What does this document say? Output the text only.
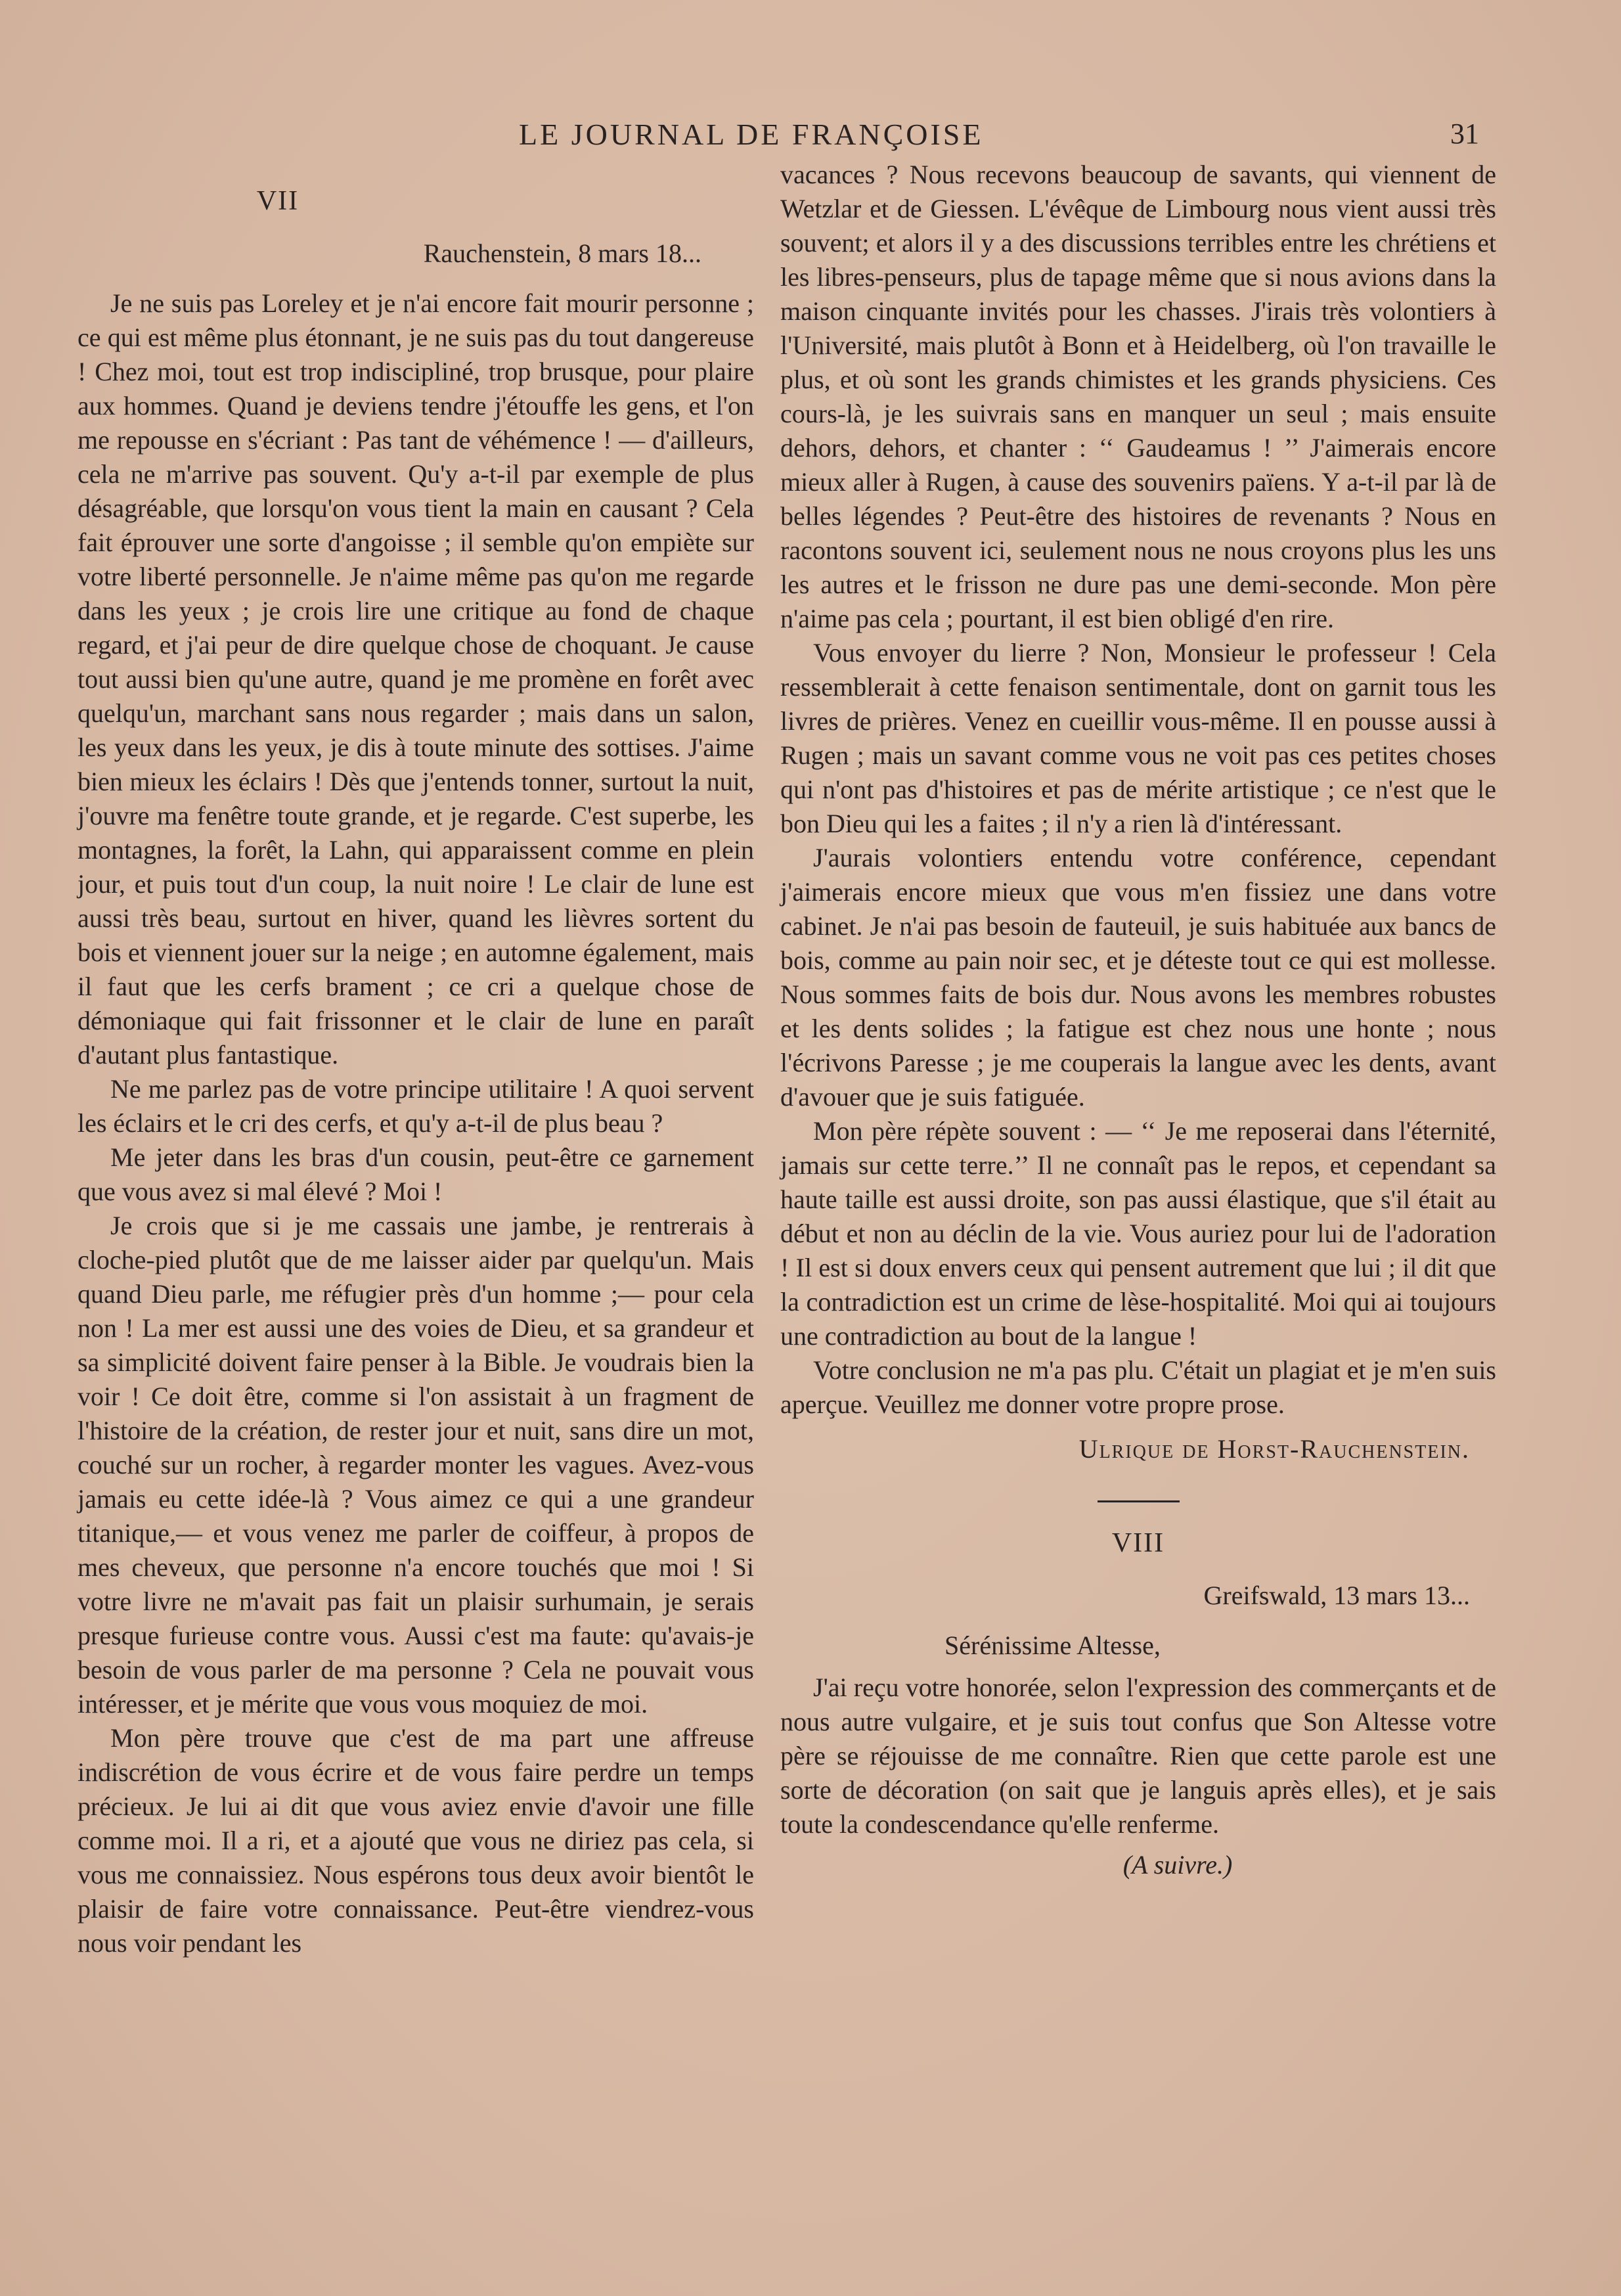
LE JOURNAL DE FRANÇOISE	31
VII
Rauchenstein, 8 mars 18...

Je ne suis pas Loreley et je n'ai encore fait mourir personne ; ce qui est même plus étonnant, je ne suis pas du tout dangereuse ! Chez moi, tout est trop indiscipliné, trop brusque, pour plaire aux hommes. Quand je deviens tendre j'étouffe les gens, et l'on me repousse en s'écriant : Pas tant de véhémence ! — d'ailleurs, cela ne m'arrive pas souvent. Qu'y a-t-il par exemple de plus désagréable, que lorsqu'on vous tient la main en causant ? Cela fait éprouver une sorte d'angoisse ; il semble qu'on empiète sur votre liberté personnelle. Je n'aime même pas qu'on me regarde dans les yeux ; je crois lire une critique au fond de chaque regard, et j'ai peur de dire quelque chose de choquant. Je cause tout aussi bien qu'une autre, quand je me promène en forêt avec quelqu'un, marchant sans nous regarder ; mais dans un salon, les yeux dans les yeux, je dis à toute minute des sottises. J'aime bien mieux les éclairs ! Dès que j'entends tonner, surtout la nuit, j'ouvre ma fenêtre toute grande, et je regarde. C'est superbe, les montagnes, la forêt, la Lahn, qui apparaissent comme en plein jour, et puis tout d'un coup, la nuit noire ! Le clair de lune est aussi très beau, surtout en hiver, quand les lièvres sortent du bois et viennent jouer sur la neige ; en automne également, mais il faut que les cerfs brament ; ce cri a quelque chose de démoniaque qui fait frissonner et le clair de lune en paraît d'autant plus fantastique.

Ne me parlez pas de votre principe utilitaire ! A quoi servent les éclairs et le cri des cerfs, et qu'y a-t-il de plus beau ?

Me jeter dans les bras d'un cousin, peut-être ce garnement que vous avez si mal élevé ? Moi !

Je crois que si je me cassais une jambe, je rentrerais à cloche-pied plutôt que de me laisser aider par quelqu'un. Mais quand Dieu parle, me réfugier près d'un homme ;— pour cela non ! La mer est aussi une des voies de Dieu, et sa grandeur et sa simplicité doivent faire penser à la Bible. Je voudrais bien la voir ! Ce doit être, comme si l'on assistait à un fragment de l'histoire de la création, de rester jour et nuit, sans dire un mot, couché sur un rocher, à regarder monter les vagues. Avez-vous jamais eu cette idée-là ? Vous aimez ce qui a une grandeur titanique,— et vous venez me parler de coiffeur, à propos de mes cheveux, que personne n'a encore touchés que moi ! Si votre livre ne m'avait pas fait un plaisir surhumain, je serais presque furieuse contre vous. Aussi c'est ma faute: qu'avais-je besoin de vous parler de ma personne ? Cela ne pouvait vous intéresser, et je mérite que vous vous moquiez de moi.

Mon père trouve que c'est de ma part une affreuse indiscrétion de vous écrire et de vous faire perdre un temps précieux. Je lui ai dit que vous aviez envie d'avoir une fille comme moi. Il a ri, et a ajouté que vous ne diriez pas cela, si vous me connaissiez. Nous espérons tous deux avoir bientôt le plaisir de faire votre connaissance. Peut-être viendrez-vous nous voir pendant les

vacances ? Nous recevons beaucoup de savants, qui viennent de Wetzlar et de Giessen. L'évêque de Limbourg nous vient aussi très souvent; et alors il y a des discussions terribles entre les chrétiens et les libres-penseurs, plus de tapage même que si nous avions dans la maison cinquante invités pour les chasses. J'irais très volontiers à l'Université, mais plutôt à Bonn et à Heidelberg, où l'on travaille le plus, et où sont les grands chimistes et les grands physiciens. Ces cours-là, je les suivrais sans en manquer un seul ; mais ensuite dehors, dehors, et chanter : ‘‘ Gaudeamus ! ’’ J'aimerais encore mieux aller à Rugen, à cause des souvenirs païens. Y a-t-il par là de belles légendes ? Peut-être des histoires de revenants ? Nous en racontons souvent ici, seulement nous ne nous croyons plus les uns les autres et le frisson ne dure pas une demi-seconde. Mon père n'aime pas cela ; pourtant, il est bien obligé d'en rire.

Vous envoyer du lierre ? Non, Monsieur le professeur ! Cela ressemblerait à cette fenaison sentimentale, dont on garnit tous les livres de prières. Venez en cueillir vous-même. Il en pousse aussi à Rugen ; mais un savant comme vous ne voit pas ces petites choses qui n'ont pas d'histoires et pas de mérite artistique ; ce n'est que le bon Dieu qui les a faites ; il n'y a rien là d'intéressant.

J'aurais volontiers entendu votre conférence, cependant j'aimerais encore mieux que vous m'en fissiez une dans votre cabinet. Je n'ai pas besoin de fauteuil, je suis habituée aux bancs de bois, comme au pain noir sec, et je déteste tout ce qui est mollesse. Nous sommes faits de bois dur. Nous avons les membres robustes et les dents solides ; la fatigue est chez nous une honte ; nous l'écrivons Paresse ; je me couperais la langue avec les dents, avant d'avouer que je suis fatiguée.

Mon père répète souvent : — ‘‘ Je me reposerai dans l'éternité, jamais sur cette terre.’’ Il ne connaît pas le repos, et cependant sa haute taille est aussi droite, son pas aussi élastique, que s'il était au début et non au déclin de la vie. Vous auriez pour lui de l'adoration ! Il est si doux envers ceux qui pensent autrement que lui ; il dit que la contradiction est un crime de lèse-hospitalité. Moi qui ai toujours une contradiction au bout de la langue !

Votre conclusion ne m'a pas plu. C'était un plagiat et je m'en suis aperçue. Veuillez me donner votre propre prose.

Ulrique de Horst-Rauchenstein.
VIII
Greifswald, 13 mars 13...

Sérénissime Altesse,

J'ai reçu votre honorée, selon l'expression des commerçants et de nous autre vulgaire, et je suis tout confus que Son Altesse votre père se réjouisse de me connaître. Rien que cette parole est une sorte de décoration (on sait que je languis après elles), et je sais toute la condescendance qu'elle renferme.

(A suivre.)
